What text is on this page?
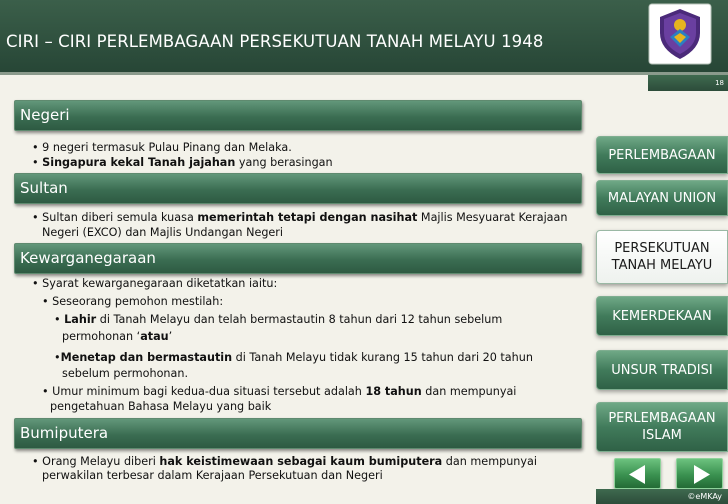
CIRI – CIRI PERLEMBAGAAN PERSEKUTUAN TANAH MELAYU 1948
18
Negeri
• 9 negeri termasuk Pulau Pinang dan Melaka.
• Singapura kekal Tanah jajahan yang berasingan
Sultan
• Sultan diberi semula kuasa memerintah tetapi dengan nasihat Majlis Mesyuarat Kerajaan
Negeri (EXCO) dan Majlis Undangan Negeri
Kewarganegaraan
• Syarat kewarganegaraan diketatkan iaitu:
• Seseorang pemohon mestilah:
• Lahir di Tanah Melayu dan telah bermastautin 8 tahun dari 12 tahun sebelum
permohonan ‘atau’
•Menetap dan bermastautin di Tanah Melayu tidak kurang 15 tahun dari 20 tahun
sebelum permohonan.
• Umur minimum bagi kedua-dua situasi tersebut adalah 18 tahun dan mempunyai
pengetahuan Bahasa Melayu yang baik
Bumiputera
• Orang Melayu diberi hak keistimewaan sebagai kaum bumiputera dan mempunyai
perwakilan terbesar dalam Kerajaan Persekutuan dan Negeri
PERLEMBAGAAN
MALAYAN UNION
PERSEKUTUAN
TANAH MELAYU
KEMERDEKAAN
UNSUR TRADISI
PERLEMBAGAAN
ISLAM
©eMKAy
